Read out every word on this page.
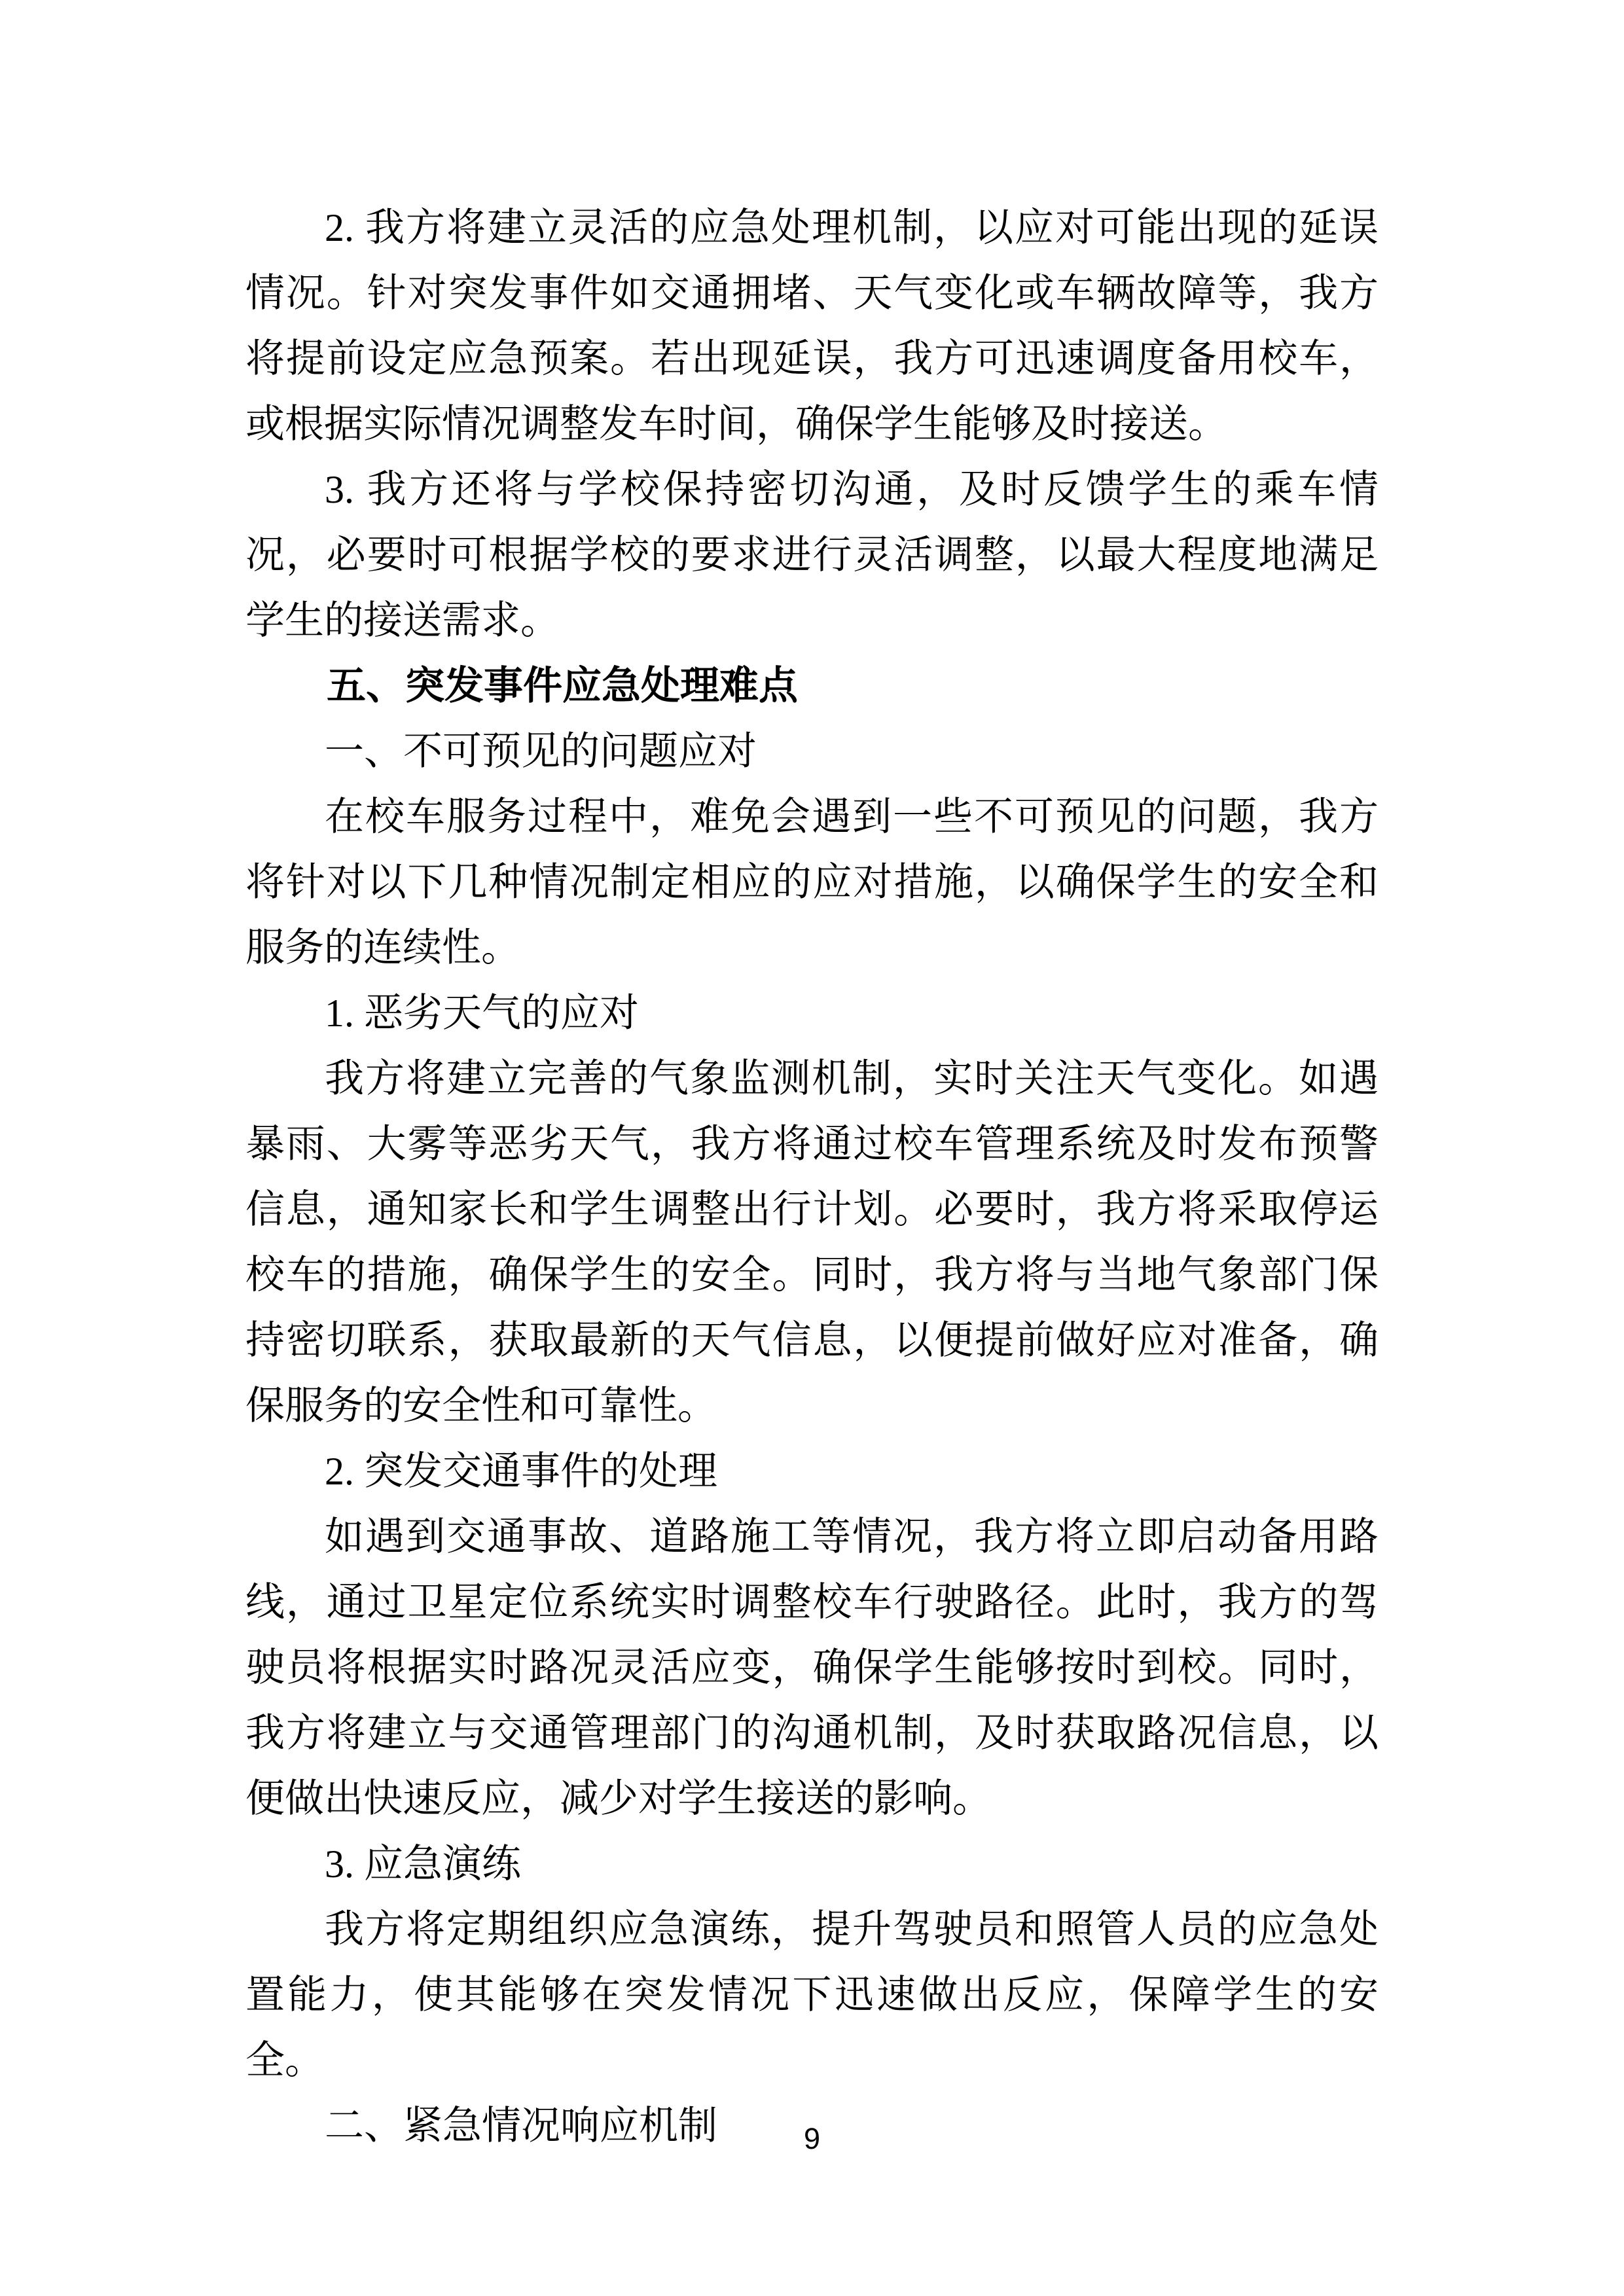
2. 我方将建立灵活的应急处理机制，以应对可能出现的延误情况。针对突发事件如交通拥堵、天气变化或车辆故障等，我方将提前设定应急预案。若出现延误，我方可迅速调度备用校车，或根据实际情况调整发车时间，确保学生能够及时接送。

3. 我方还将与学校保持密切沟通，及时反馈学生的乘车情况，必要时可根据学校的要求进行灵活调整，以最大程度地满足学生的接送需求。

五、突发事件应急处理难点

一、不可预见的问题应对

在校车服务过程中，难免会遇到一些不可预见的问题，我方将针对以下几种情况制定相应的应对措施，以确保学生的安全和服务的连续性。

1. 恶劣天气的应对

我方将建立完善的气象监测机制，实时关注天气变化。如遇暴雨、大雾等恶劣天气，我方将通过校车管理系统及时发布预警信息，通知家长和学生调整出行计划。必要时，我方将采取停运校车的措施，确保学生的安全。同时，我方将与当地气象部门保持密切联系，获取最新的天气信息，以便提前做好应对准备，确保服务的安全性和可靠性。

2. 突发交通事件的处理

如遇到交通事故、道路施工等情况，我方将立即启动备用路线，通过卫星定位系统实时调整校车行驶路径。此时，我方的驾驶员将根据实时路况灵活应变，确保学生能够按时到校。同时，我方将建立与交通管理部门的沟通机制，及时获取路况信息，以便做出快速反应，减少对学生接送的影响。

3. 应急演练

我方将定期组织应急演练，提升驾驶员和照管人员的应急处置能力，使其能够在突发情况下迅速做出反应，保障学生的安全。

二、紧急情况响应机制	9
